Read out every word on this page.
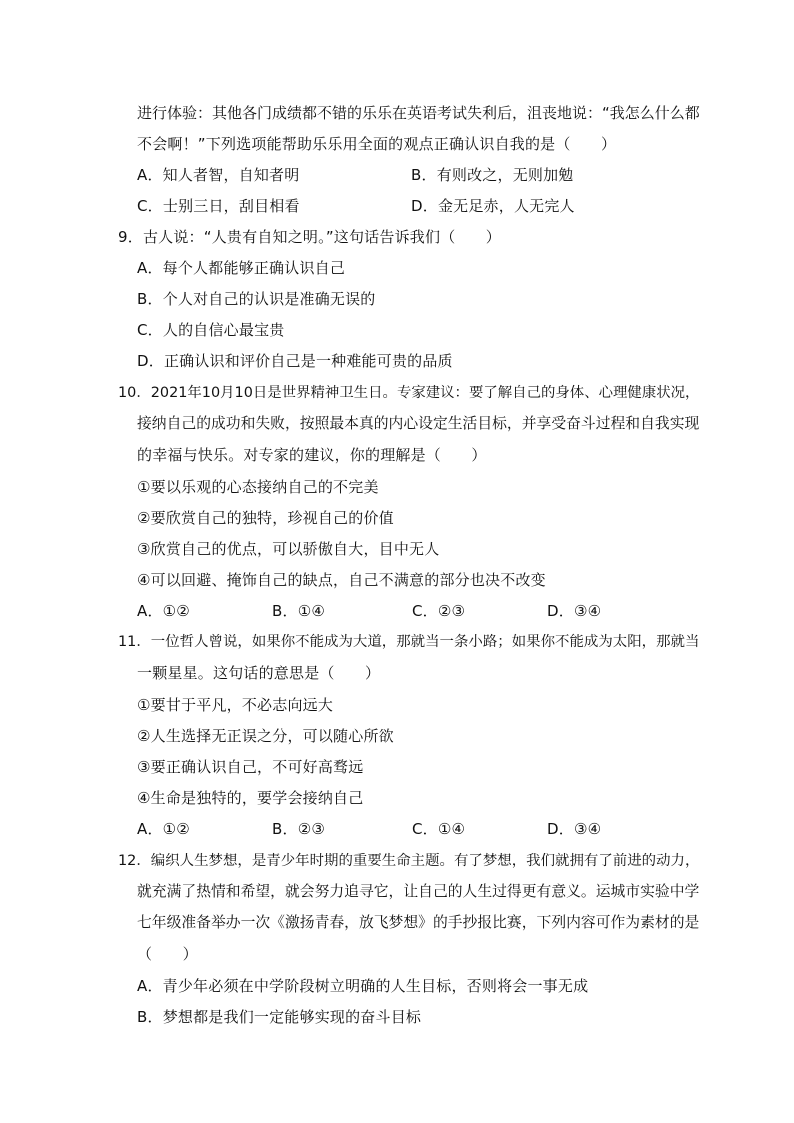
进行体验：其他各门成绩都不错的乐乐在英语考试失利后，沮丧地说：“我怎么什么都
不会啊！”下列选项能帮助乐乐用全面的观点正确认识自我的是（　　）
A．知人者智，自知者明	B．有则改之，无则加勉
C．士别三日，刮目相看	D．金无足赤，人无完人
9．古人说：“人贵有自知之明。”这句话告诉我们（　　）
A．每个人都能够正确认识自己
B．个人对自己的认识是准确无误的
C．人的自信心最宝贵
D．正确认识和评价自己是一种难能可贵的品质
10．2021年10月10日是世界精神卫生日。专家建议：要了解自己的身体、心理健康状况，
接纳自己的成功和失败，按照最本真的内心设定生活目标，并享受奋斗过程和自我实现
的幸福与快乐。对专家的建议，你的理解是（　　）
①要以乐观的心态接纳自己的不完美
②要欣赏自己的独特，珍视自己的价值
③欣赏自己的优点，可以骄傲自大，目中无人
④可以回避、掩饰自己的缺点，自己不满意的部分也决不改变
A．①②	B．①④	C．②③	D．③④
11．一位哲人曾说，如果你不能成为大道，那就当一条小路；如果你不能成为太阳，那就当
一颗星星。这句话的意思是（　　）
①要甘于平凡，不必志向远大
②人生选择无正误之分，可以随心所欲
③要正确认识自己，不可好高骛远
④生命是独特的，要学会接纳自己
A．①②	B．②③	C．①④	D．③④
12．编织人生梦想，是青少年时期的重要生命主题。有了梦想，我们就拥有了前进的动力，
就充满了热情和希望，就会努力追寻它，让自己的人生过得更有意义。运城市实验中学
七年级准备举办一次《激扬青春，放飞梦想》的手抄报比赛，下列内容可作为素材的是
（　　）
A．青少年必须在中学阶段树立明确的人生目标，否则将会一事无成
B．梦想都是我们一定能够实现的奋斗目标
